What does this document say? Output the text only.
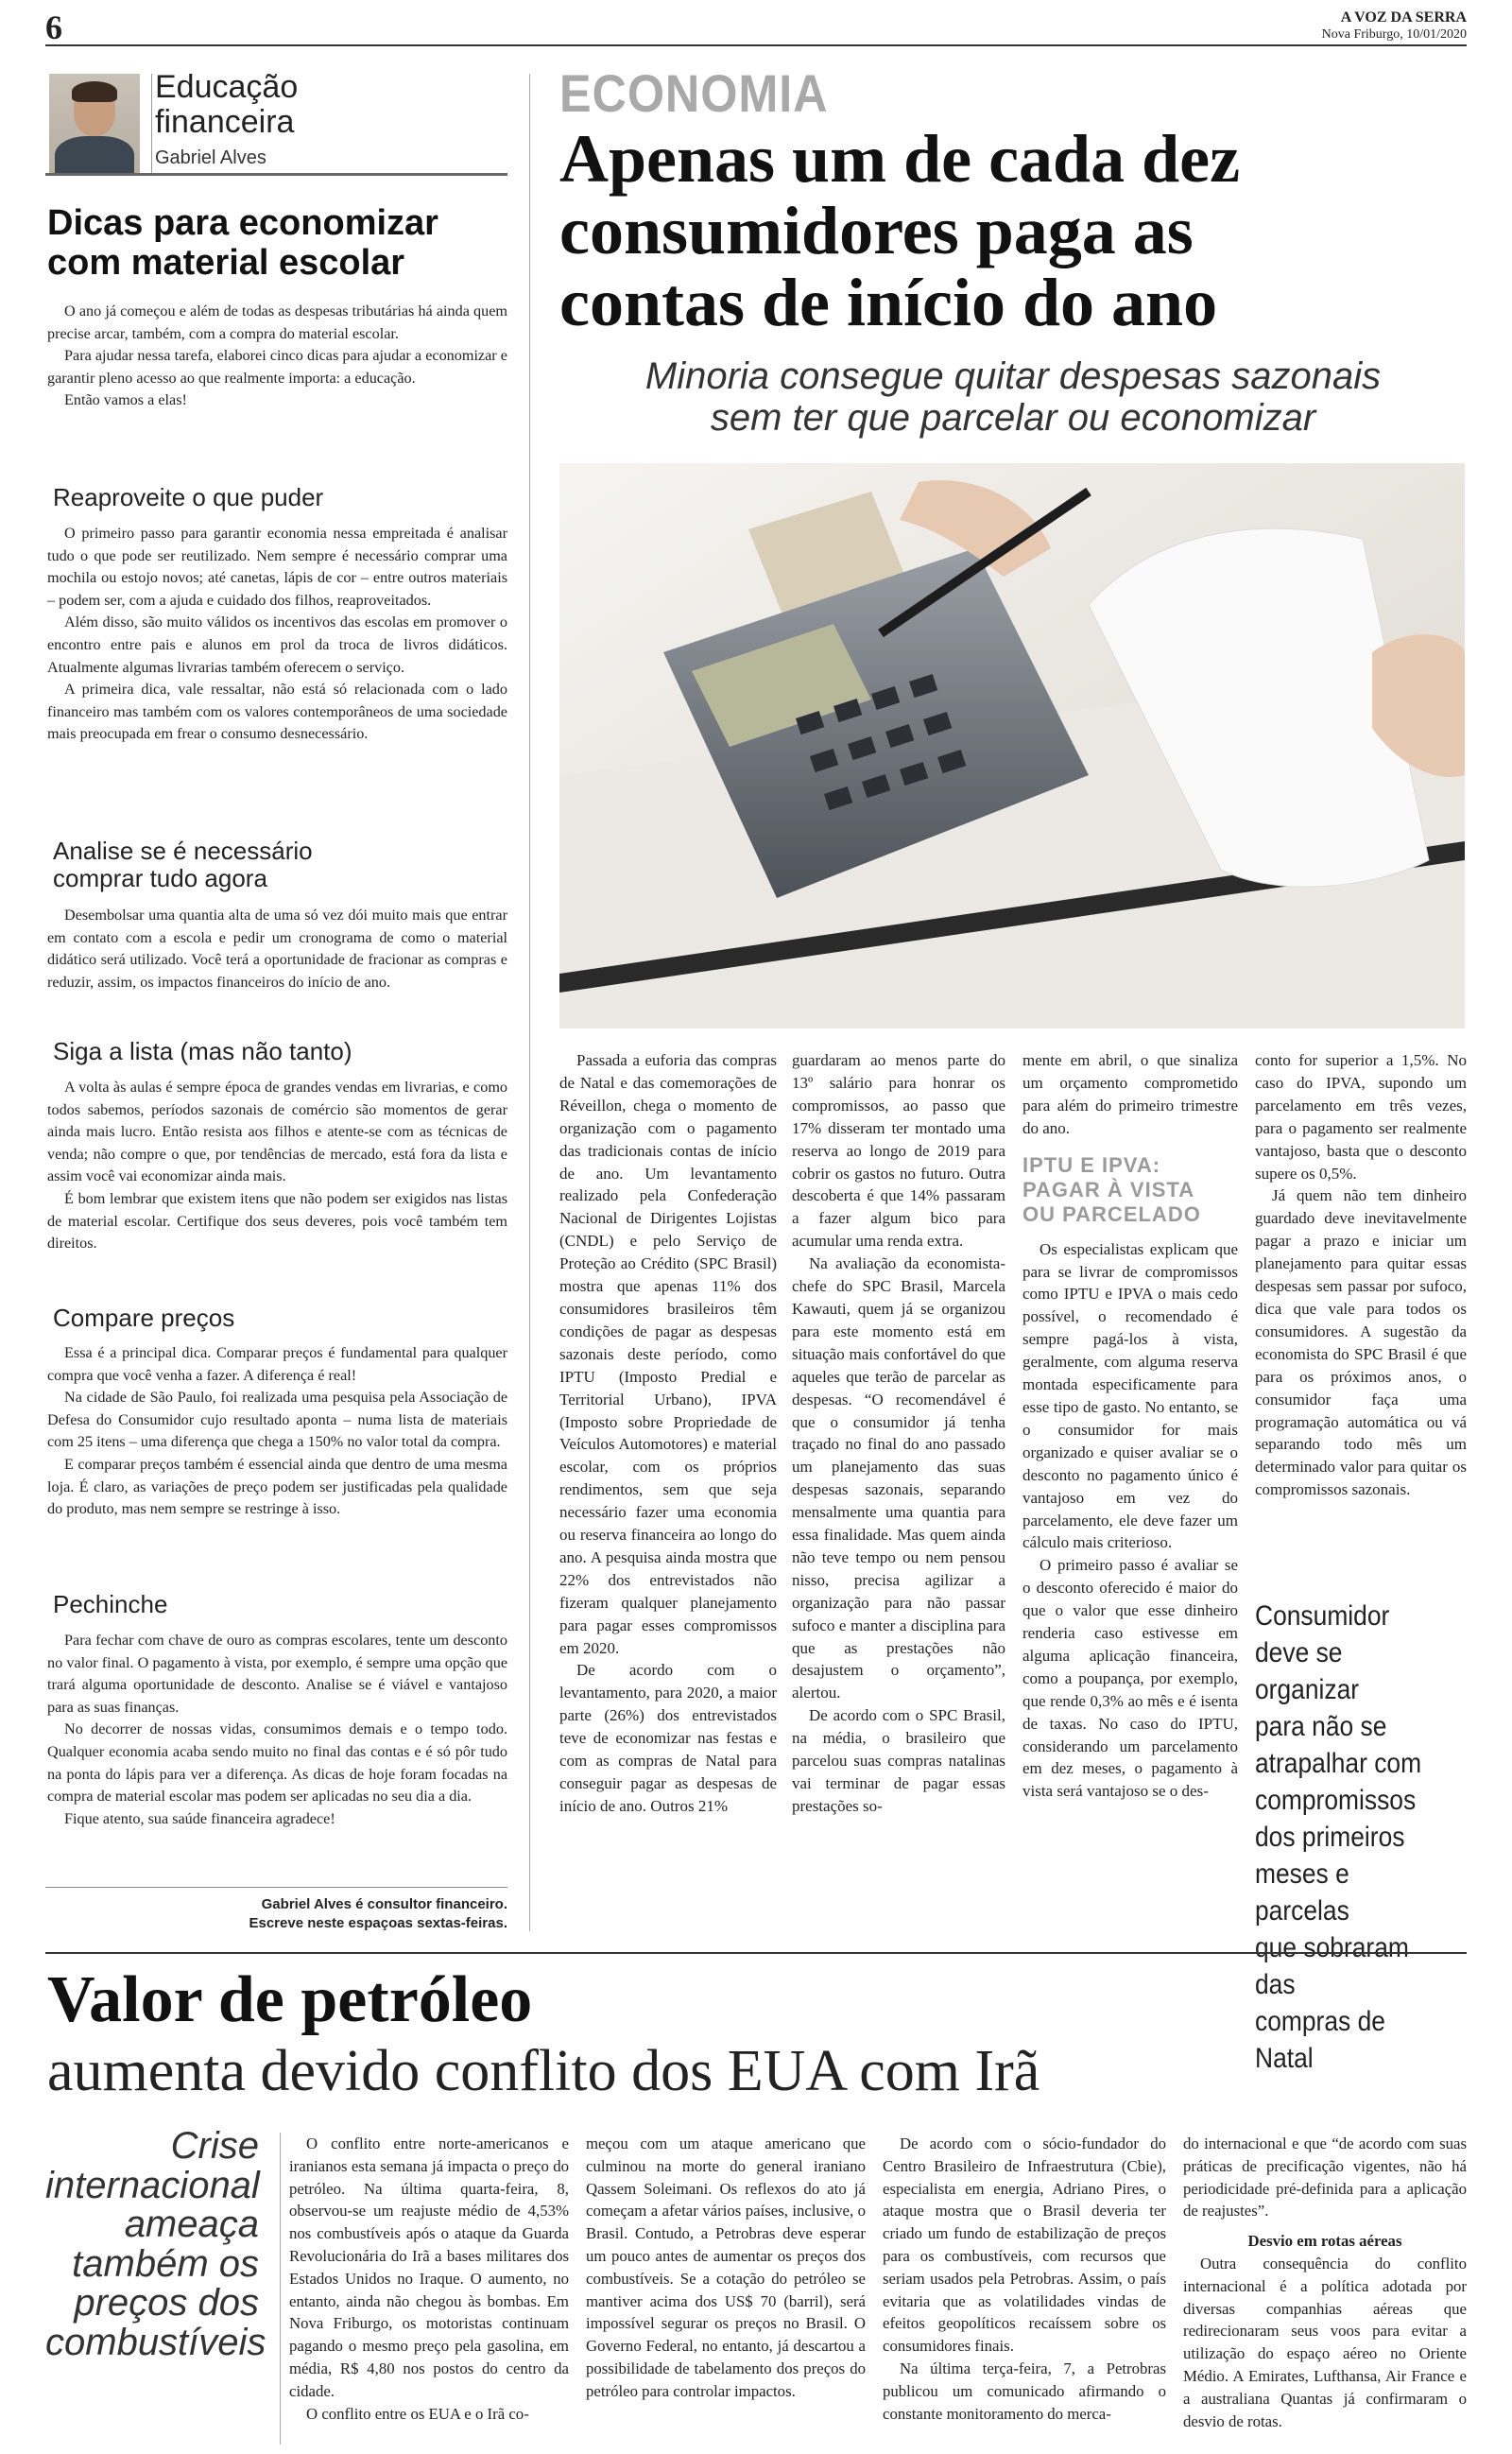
6	A VOZ DA SERRA
Nova Friburgo, 10/01/2020
Educação
financeira
Gabriel Alves
Dicas para economizar
com material escolar

O ano já começou e além de todas as despesas tributárias há ainda quem precise arcar, também, com a compra do material escolar.

Para ajudar nessa tarefa, elaborei cinco dicas para ajudar a economizar e garantir pleno acesso ao que realmente importa: a educação.

Então vamos a elas!

Reaproveite o que puder

O primeiro passo para garantir economia nessa empreitada é analisar tudo o que pode ser reutilizado. Nem sempre é necessário comprar uma mochila ou estojo novos; até canetas, lápis de cor – entre outros materiais – podem ser, com a ajuda e cuidado dos filhos, reaproveitados.

Além disso, são muito válidos os incentivos das escolas em promover o encontro entre pais e alunos em prol da troca de livros didáticos. Atualmente algumas livrarias também oferecem o serviço.

A primeira dica, vale ressaltar, não está só relacionada com o lado financeiro mas também com os valores contemporâneos de uma sociedade mais preocupada em frear o consumo desnecessário.

Analise se é necessário
comprar tudo agora

Desembolsar uma quantia alta de uma só vez dói muito mais que entrar em contato com a escola e pedir um cronograma de como o material didático será utilizado. Você terá a oportunidade de fracionar as compras e reduzir, assim, os impactos financeiros do início de ano.

Siga a lista (mas não tanto)

A volta às aulas é sempre época de grandes vendas em livrarias, e como todos sabemos, períodos sazonais de comércio são momentos de gerar ainda mais lucro. Então resista aos filhos e atente-se com as técnicas de venda; não compre o que, por tendências de mercado, está fora da lista e assim você vai economizar ainda mais.

É bom lembrar que existem itens que não podem ser exigidos nas listas de material escolar. Certifique dos seus deveres, pois você também tem direitos.

Compare preços

Essa é a principal dica. Comparar preços é fundamental para qualquer compra que você venha a fazer. A diferença é real!

Na cidade de São Paulo, foi realizada uma pesquisa pela Associação de Defesa do Consumidor cujo resultado aponta – numa lista de materiais com 25 itens – uma diferença que chega a 150% no valor total da compra.

E comparar preços também é essencial ainda que dentro de uma mesma loja. É claro, as variações de preço podem ser justificadas pela qualidade do produto, mas nem sempre se restringe à isso.

Pechinche

Para fechar com chave de ouro as compras escolares, tente um desconto no valor final. O pagamento à vista, por exemplo, é sempre uma opção que trará alguma oportunidade de desconto. Analise se é viável e vantajoso para as suas finanças.

No decorrer de nossas vidas, consumimos demais e o tempo todo. Qualquer economia acaba sendo muito no final das contas e é só pôr tudo na ponta do lápis para ver a diferença. As dicas de hoje foram focadas na compra de material escolar mas podem ser aplicadas no seu dia a dia.

Fique atento, sua saúde financeira agradece!

Gabriel Alves é consultor financeiro.
Escreve neste espaçoas sextas-feiras.
ECONOMIA
Apenas um de cada dez
consumidores paga as
contas de início do ano
Minoria consegue quitar despesas sazonais
sem ter que parcelar ou economizar

Passada a euforia das compras de Natal e das comemorações de Réveillon, chega o momento de organização com o pagamento das tradicionais contas de início de ano. Um levantamento realizado pela Confederação Nacional de Dirigentes Lojistas (CNDL) e pelo Serviço de Proteção ao Crédito (SPC Brasil) mostra que apenas 11% dos consumidores brasileiros têm condições de pagar as despesas sazonais deste período, como IPTU (Imposto Predial e Territorial Urbano), IPVA (Imposto sobre Propriedade de Veículos Automotores) e material escolar, com os próprios rendimentos, sem que seja necessário fazer uma economia ou reserva financeira ao longo do ano. A pesquisa ainda mostra que 22% dos entrevistados não fizeram qualquer planejamento para pagar esses compromissos em 2020.

De acordo com o levantamento, para 2020, a maior parte (26%) dos entrevistados teve de economizar nas festas e com as compras de Natal para conseguir pagar as despesas de início de ano. Outros 21%

guardaram ao menos parte do 13º salário para honrar os compromissos, ao passo que 17% disseram ter montado uma reserva ao longo de 2019 para cobrir os gastos no futuro. Outra descoberta é que 14% passaram a fazer algum bico para acumular uma renda extra.

Na avaliação da economista-chefe do SPC Brasil, Marcela Kawauti, quem já se organizou para este momento está em situação mais confortável do que aqueles que terão de parcelar as despesas. “O recomendável é que o consumidor já tenha traçado no final do ano passado um planejamento das suas despesas sazonais, separando mensalmente uma quantia para essa finalidade. Mas quem ainda não teve tempo ou nem pensou nisso, precisa agilizar a organização para não passar sufoco e manter a disciplina para que as prestações não desajustem o orçamento”, alertou.

De acordo com o SPC Brasil, na média, o brasileiro que parcelou suas compras natalinas vai terminar de pagar essas prestações so-

mente em abril, o que sinaliza um orçamento comprometido para além do primeiro trimestre do ano.

IPTU E IPVA:
PAGAR À VISTA
OU PARCELADO

Os especialistas explicam que para se livrar de compromissos como IPTU e IPVA o mais cedo possível, o recomendado é sempre pagá-los à vista, geralmente, com alguma reserva montada especificamente para esse tipo de gasto. No entanto, se o consumidor for mais organizado e quiser avaliar se o desconto no pagamento único é vantajoso em vez do parcelamento, ele deve fazer um cálculo mais criterioso.

O primeiro passo é avaliar se o desconto oferecido é maior do que o valor que esse dinheiro renderia caso estivesse em alguma aplicação financeira, como a poupança, por exemplo, que rende 0,3% ao mês e é isenta de taxas. No caso do IPTU, considerando um parcelamento em dez meses, o pagamento à vista será vantajoso se o des-

conto for superior a 1,5%. No caso do IPVA, supondo um parcelamento em três vezes, para o pagamento ser realmente vantajoso, basta que o desconto supere os 0,5%.

Já quem não tem dinheiro guardado deve inevitavelmente pagar a prazo e iniciar um planejamento para quitar essas despesas sem passar por sufoco, dica que vale para todos os consumidores. A sugestão da economista do SPC Brasil é que para os próximos anos, o consumidor faça uma programação automática ou vá separando todo mês um determinado valor para quitar os compromissos sazonais.

Consumidor
deve se organizar
para não se
atrapalhar com
compromissos
dos primeiros
meses e parcelas
que sobraram das
compras de Natal
Valor de petróleo
aumenta devido conflito dos EUA com Irã
Crise
internacional
ameaça
também os
preços dos
combustíveis

O conflito entre norte-americanos e iranianos esta semana já impacta o preço do petróleo. Na última quarta-feira, 8, observou-se um reajuste médio de 4,53% nos combustíveis após o ataque da Guarda Revolucionária do Irã a bases militares dos Estados Unidos no Iraque. O aumento, no entanto, ainda não chegou às bombas. Em Nova Friburgo, os motoristas continuam pagando o mesmo preço pela gasolina, em média, R$ 4,80 nos postos do centro da cidade.

O conflito entre os EUA e o Irã co-

meçou com um ataque americano que culminou na morte do general iraniano Qassem Soleimani. Os reflexos do ato já começam a afetar vários países, inclusive, o Brasil. Contudo, a Petrobras deve esperar um pouco antes de aumentar os preços dos combustíveis. Se a cotação do petróleo se mantiver acima dos US$ 70 (barril), será impossível segurar os preços no Brasil. O Governo Federal, no entanto, já descartou a possibilidade de tabelamento dos preços do petróleo para controlar impactos.

De acordo com o sócio-fundador do Centro Brasileiro de Infraestrutura (Cbie), especialista em energia, Adriano Pires, o ataque mostra que o Brasil deveria ter criado um fundo de estabilização de preços para os combustíveis, com recursos que seriam usados pela Petrobras. Assim, o país evitaria que as volatilidades vindas de efeitos geopolíticos recaíssem sobre os consumidores finais.

Na última terça-feira, 7, a Petrobras publicou um comunicado afirmando o constante monitoramento do merca-

do internacional e que “de acordo com suas práticas de precificação vigentes, não há periodicidade pré-definida para a aplicação de reajustes”.

Desvio em rotas aéreas

Outra consequência do conflito internacional é a política adotada por diversas companhias aéreas que redirecionaram seus voos para evitar a utilização do espaço aéreo no Oriente Médio. A Emirates, Lufthansa, Air France e a australiana Quantas já confirmaram o desvio de rotas.
